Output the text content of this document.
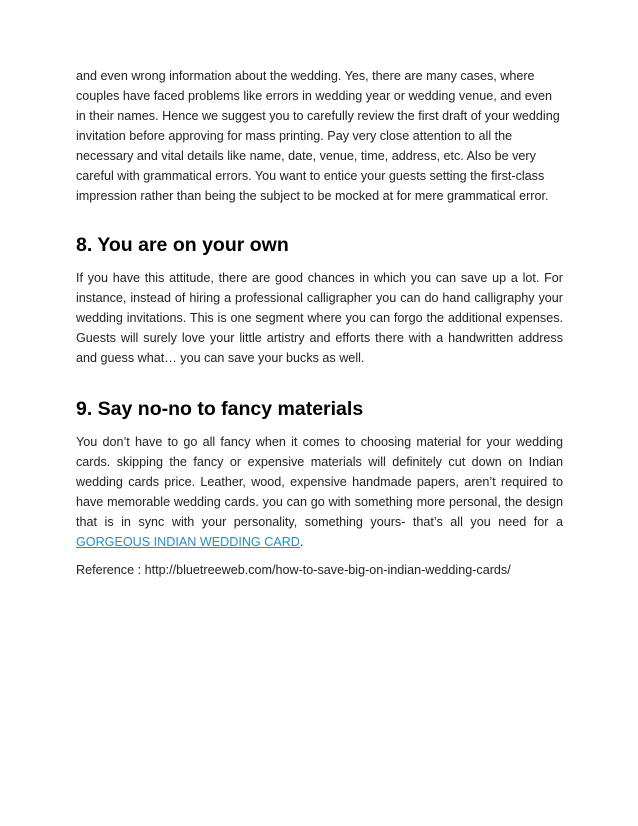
and even wrong information about the wedding. Yes, there are many cases, where couples have faced problems like errors in wedding year or wedding venue, and even in their names. Hence we suggest you to carefully review the first draft of your wedding invitation before approving for mass printing. Pay very close attention to all the necessary and vital details like name, date, venue, time, address, etc. Also be very careful with grammatical errors. You want to entice your guests setting the first-class impression rather than being the subject to be mocked at for mere grammatical error.

8. You are on your own

If you have this attitude, there are good chances in which you can save up a lot. For instance, instead of hiring a professional calligrapher you can do hand calligraphy your wedding invitations. This is one segment where you can forgo the additional expenses. Guests will surely love your little artistry and efforts there with a handwritten address and guess what… you can save your bucks as well.

9. Say no-no to fancy materials

You don’t have to go all fancy when it comes to choosing material for your wedding cards. skipping the fancy or expensive materials will definitely cut down on Indian wedding cards price. Leather, wood, expensive handmade papers, aren’t required to have memorable wedding cards. you can go with something more personal, the design that is in sync with your personality, something yours- that’s all you need for a GORGEOUS INDIAN WEDDING CARD.

Reference : http://bluetreeweb.com/how-to-save-big-on-indian-wedding-cards/
